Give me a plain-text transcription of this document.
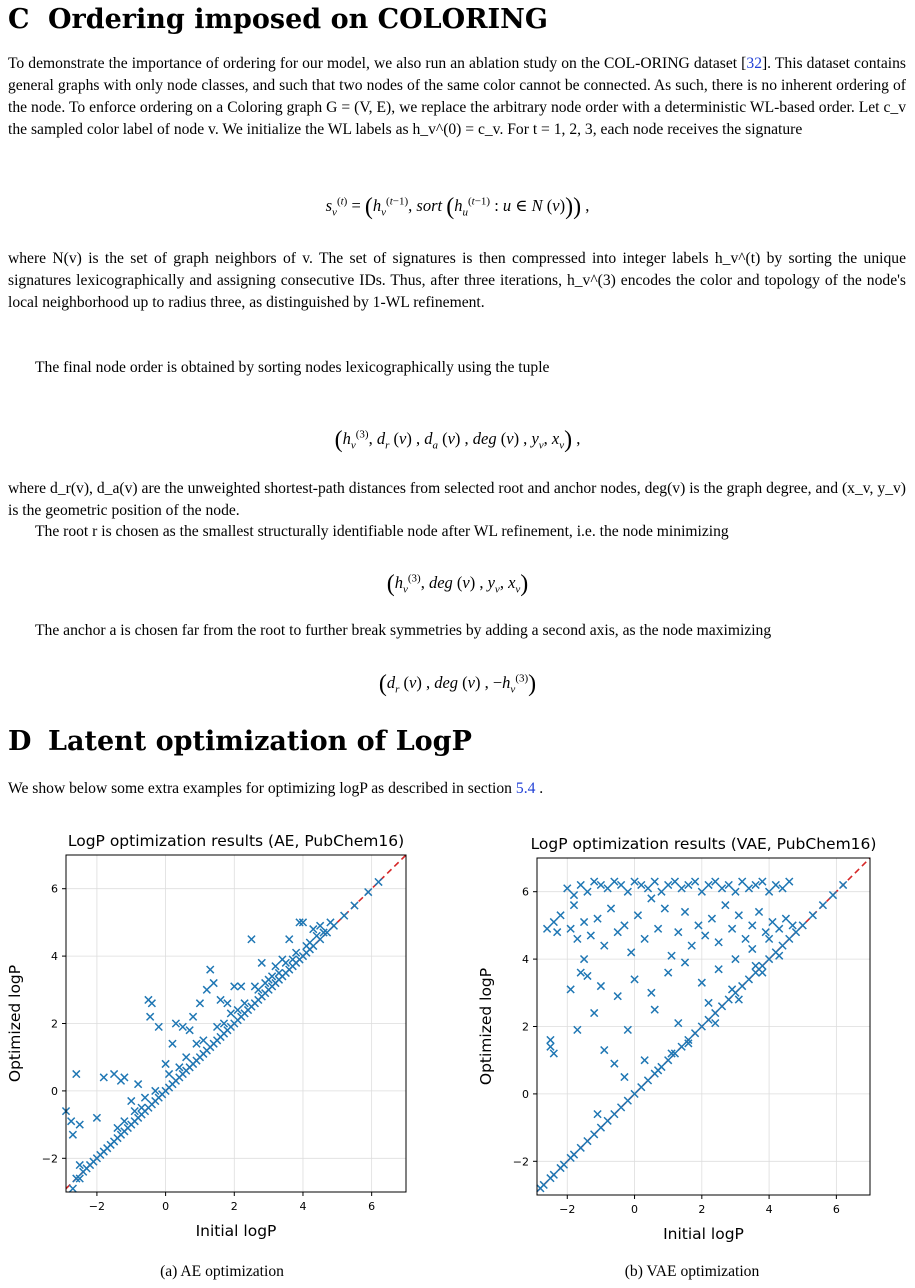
C Ordering imposed on COLORING

To demonstrate the importance of ordering for our model, we also run an ablation study on the COL-ORING dataset [32]. This dataset contains general graphs with only node classes, and such that two nodes of the same color cannot be connected. As such, there is no inherent ordering of the node. To enforce ordering on a Coloring graph G = (V, E), we replace the arbitrary node order with a deterministic WL-based order. Let c_v the sampled color label of node v. We initialize the WL labels as h_v^(0) = c_v. For t = 1, 2, 3, each node receives the signature

$s_v^{(t)} = (h_v^{(t-1)}$, sort ($h_u^{(t-1)}$ : u ∈ N (v))) ,

where N(v) is the set of graph neighbors of v. The set of signatures is then compressed into integer labels h_v^(t) by sorting the unique signatures lexicographically and assigning consecutive IDs. Thus, after three iterations, h_v^(3) encodes the color and topology of the node's local neighborhood up to radius three, as distinguished by 1-WL refinement.

The final node order is obtained by sorting nodes lexicographically using the tuple

($h_v^{(3)}$, $d_r$ (v) , $d_a$ (v) , deg (v) , $y_v$, $x_v$) ,

where d_r(v), d_a(v) are the unweighted shortest-path distances from selected root and anchor nodes, deg(v) is the graph degree, and (x_v, y_v) is the geometric position of the node.

The root r is chosen as the smallest structurally identifiable node after WL refinement, i.e. the node minimizing

($h_v^{(3)}$, deg (v) , $y_v$, $x_v$)

The anchor a is chosen far from the root to further break symmetries by adding a second axis, as the node maximizing

($d_r$ (v) , deg (v) , $-h_v^{(3)}$)
D Latent optimization of LogP

We show below some extra examples for optimizing logP as described in section 5.4 .

−2	0	2	4	6
−2
0
2
4
6
LogP optimization results (AE, PubChem16)
Initial logP
Optimized logP
−2	0	2	4	6
−2
0
2
4
6
LogP optimization results (VAE, PubChem16)
Initial logP
Optimized logP
(a) AE optimization	(b) VAE optimization
